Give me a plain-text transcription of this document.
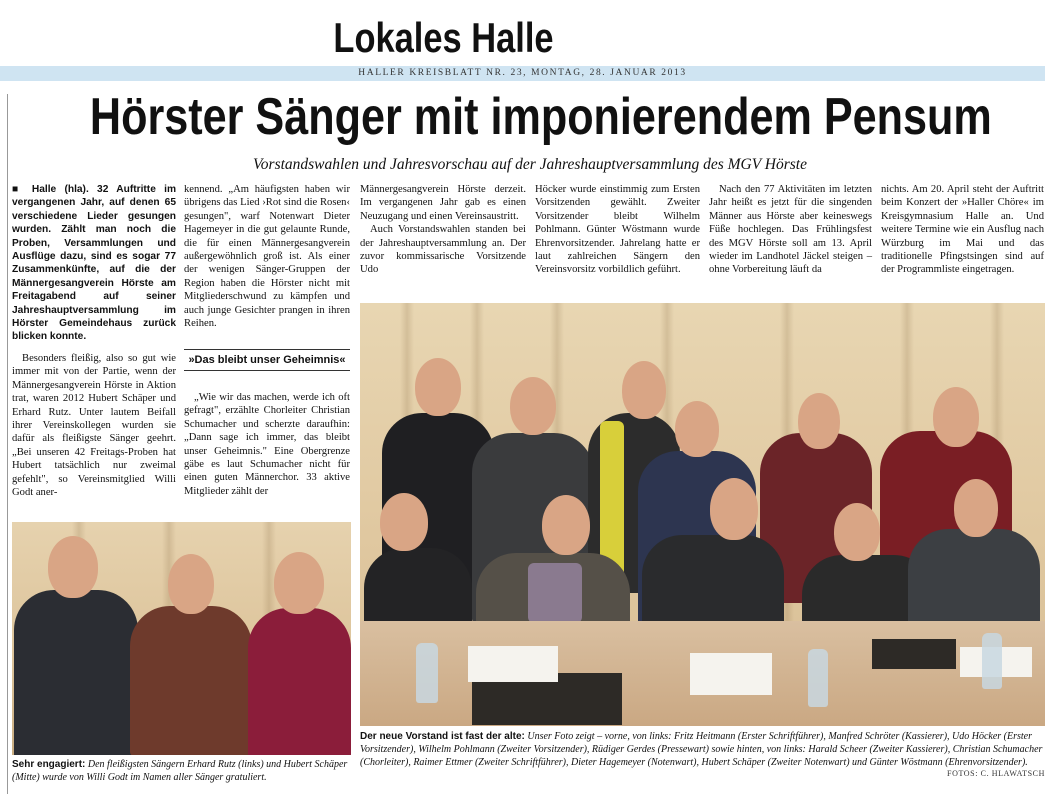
Lokales Halle
HALLER KREISBLATT NR. 23, MONTAG, 28. JANUAR 2013
Hörster Sänger mit imponierendem Pensum
Vorstandswahlen und Jahresvorschau auf der Jahreshauptversammlung des MGV Hörste

■ Halle (hla). 32 Auftritte im vergangenen Jahr, auf denen 65 verschiedene Lieder gesungen wurden. Zählt man noch die Proben, Versammlungen und Ausflüge dazu, sind es sogar 77 Zusammenkünfte, auf die der Männergesangverein Hörste am Freitagabend auf seiner Jahreshauptversammlung im Hörster Gemeindehaus zurück blicken konnte.

Besonders fleißig, also so gut wie immer mit von der Partie, wenn der Männergesangverein Hörste in Aktion trat, waren 2012 Hubert Schäper und Erhard Rutz. Unter lautem Beifall ihrer Vereinskollegen wurden sie dafür als fleißigste Sänger geehrt. „Bei unseren 42 Freitags-Proben hat Hubert tatsächlich nur zweimal gefehlt", so Vereinsmitglied Willi Godt aner-

kennend. „Am häufigsten haben wir übrigens das Lied ›Rot sind die Rosen‹ gesungen", warf Notenwart Dieter Hagemeyer in die gut gelaunte Runde, die für einen Männergesangverein außergewöhnlich groß ist. Als einer der wenigen Sänger-Gruppen der Region haben die Hörster nicht mit Mitgliederschwund zu kämpfen und auch junge Gesichter prangen in ihren Reihen.

»Das bleibt unser Geheimnis«

„Wie wir das machen, werde ich oft gefragt", erzählte Chorleiter Christian Schumacher und scherzte daraufhin: „Dann sage ich immer, das bleibt unser Geheimnis." Eine Obergrenze gäbe es laut Schumacher nicht für einen guten Männerchor. 33 aktive Mitglieder zählt der

Männergesangverein Hörste derzeit. Im vergangenen Jahr gab es einen Neuzugang und einen Vereinsaustritt.

Auch Vorstandswahlen standen bei der Jahreshauptversammlung an. Der zuvor kommissarische Vorsitzende Udo

Höcker wurde einstimmig zum Ersten Vorsitzenden gewählt. Zweiter Vorsitzender bleibt Wilhelm Pohlmann. Günter Wöstmann wurde Ehrenvorsitzender. Jahrelang hatte er laut zahlreichen Sängern den Vereinsvorsitz vorbildlich geführt.

Nach den 77 Aktivitäten im letzten Jahr heißt es jetzt für die singenden Männer aus Hörste aber keineswegs Füße hochlegen. Das Frühlingsfest des MGV Hörste soll am 13. April wieder im Landhotel Jäckel steigen – ohne Vorbereitung läuft da

nichts. Am 20. April steht der Auftritt beim Konzert der »Haller Chöre« im Kreisgymnasium Halle an. Und weitere Termine wie ein Ausflug nach Würzburg im Mai und das traditionelle Pfingstsingen sind auf der Programmliste eingetragen.

Der neue Vorstand ist fast der alte: Unser Foto zeigt – vorne, von links: Fritz Heitmann (Erster Schriftführer), Manfred Schröter (Kassierer), Udo Höcker (Erster Vorsitzender), Wilhelm Pohlmann (Zweiter Vorsitzender), Rüdiger Gerdes (Pressewart) sowie hinten, von links: Harald Scheer (Zweiter Kassierer), Christian Schumacher (Chorleiter), Raimer Ettmer (Zweiter Schriftführer), Dieter Hagemeyer (Notenwart), Hubert Schäper (Zweiter Notenwart) und Günter Wöstmann (Ehrenvorsitzender).
FOTOS: C. HLAWATSCH
Sehr engagiert: Den fleißigsten Sängern Erhard Rutz (links) und Hubert Schäper (Mitte) wurde von Willi Godt im Namen aller Sänger gratuliert.
